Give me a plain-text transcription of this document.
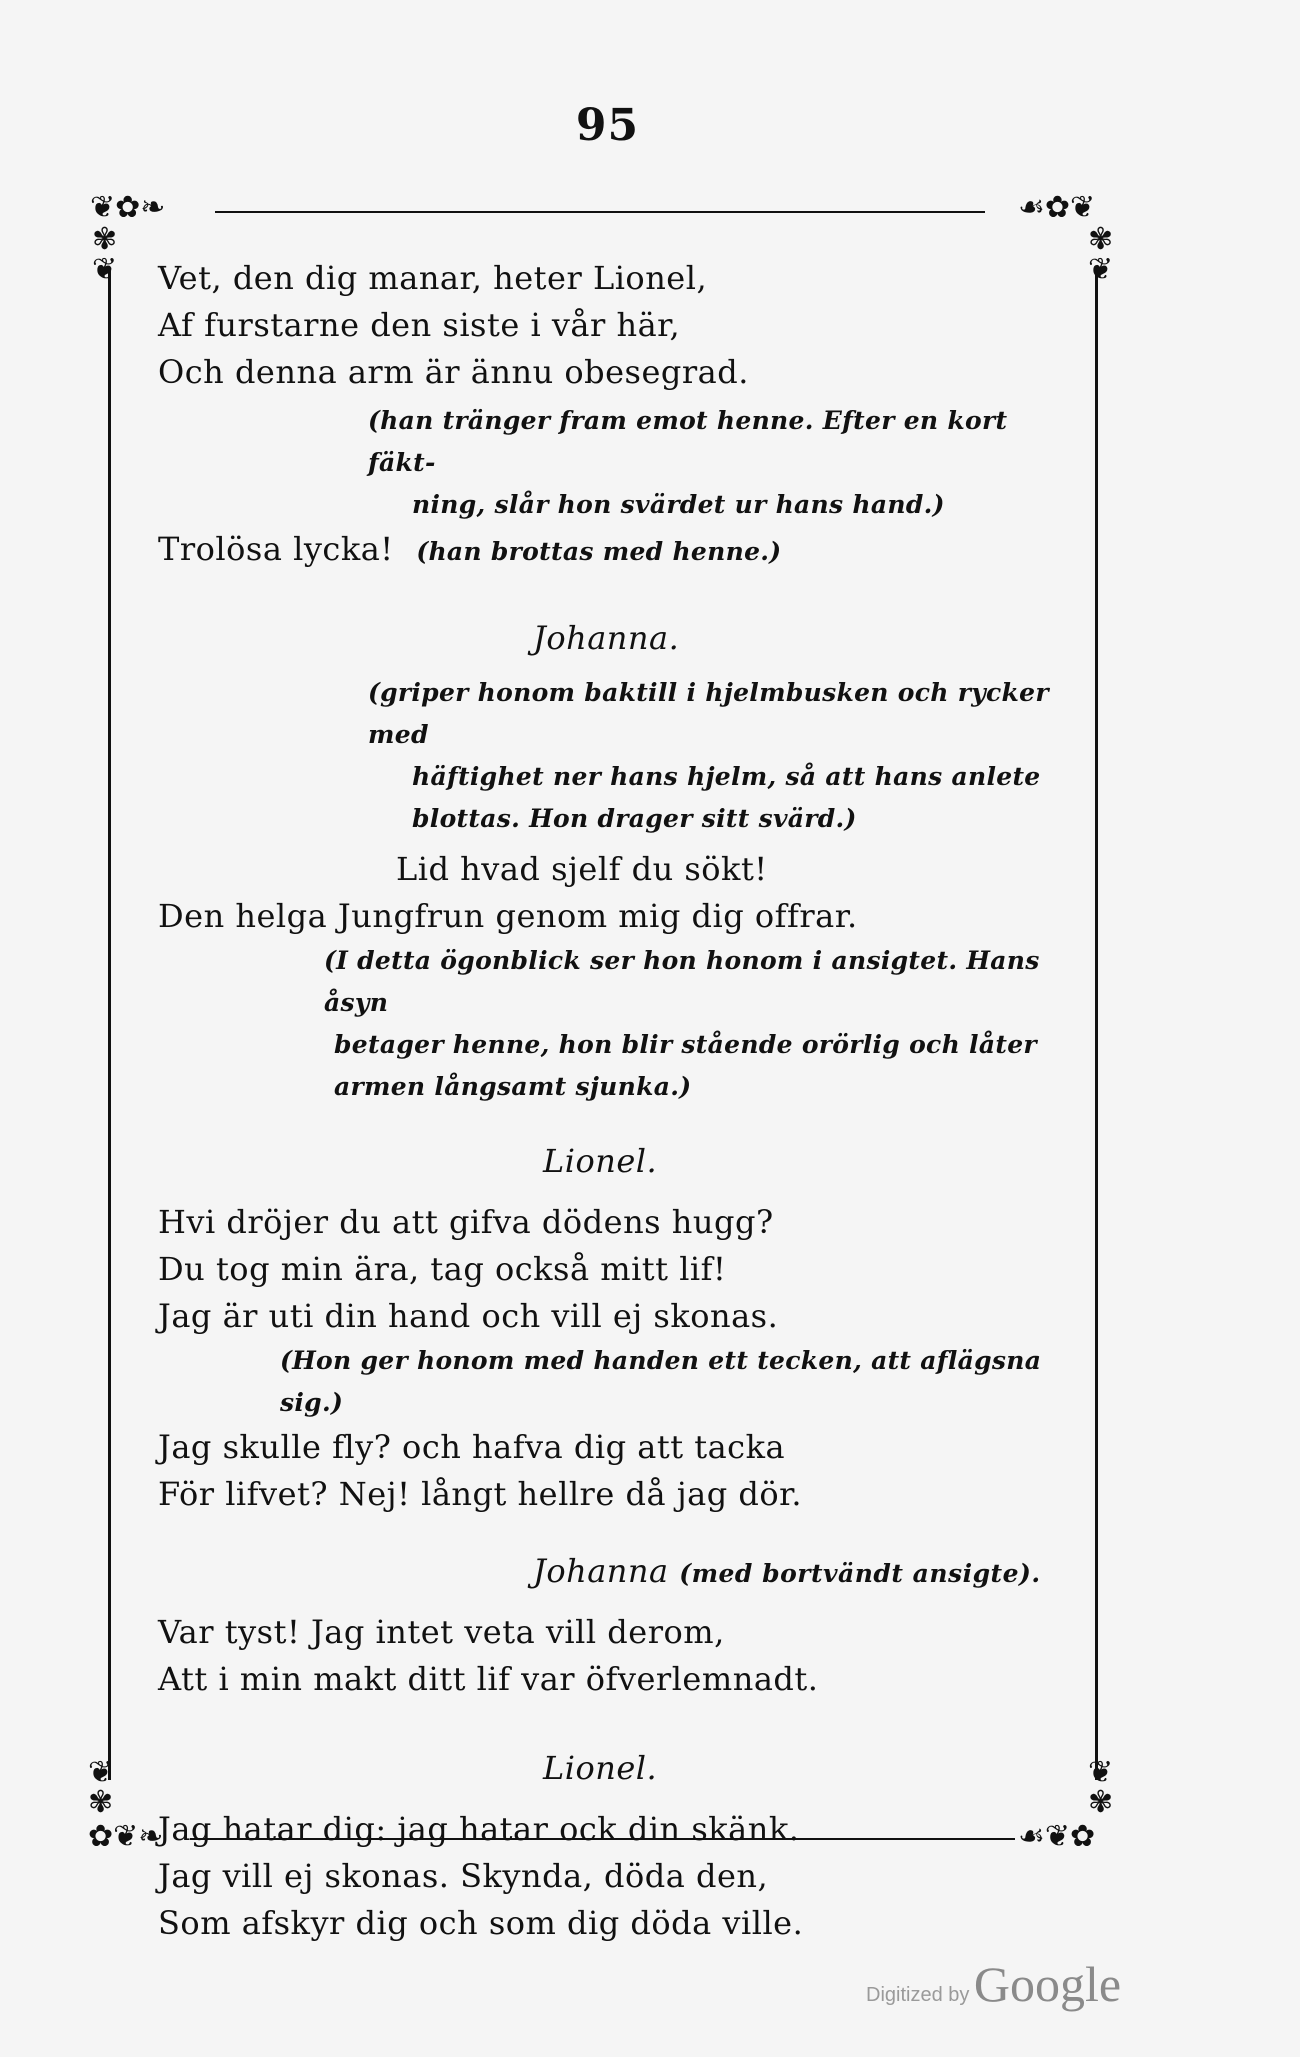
95
❦✿❧	☙✿❦
✾
❦
✾
❦
❦
✾
❦
✾
✿❦❧	☙❦✿

Vet, den dig manar, heter Lionel,

Af furstarne den siste i vår här,

Och denna arm är ännu obesegrad.

(han tränger fram emot henne. Efter en kort fäkt-
ning, slår hon svärdet ur hans hand.)

Trolösa lycka! (han brottas med henne.)

Johanna.

(griper honom baktill i hjelmbusken och rycker med
häftighet ner hans hjelm, så att hans anlete
blottas. Hon drager sitt svärd.)

Lid hvad sjelf du sökt!

Den helga Jungfrun genom mig dig offrar.

(I detta ögonblick ser hon honom i ansigtet. Hans åsyn
betager henne, hon blir stående orörlig och låter
armen långsamt sjunka.)

Lionel.

Hvi dröjer du att gifva dödens hugg?

Du tog min ära, tag också mitt lif!

Jag är uti din hand och vill ej skonas.

(Hon ger honom med handen ett tecken, att aflägsna sig.)

Jag skulle fly? och hafva dig att tacka

För lifvet? Nej! långt hellre då jag dör.

Johanna (med bortvändt ansigte).

Var tyst! Jag intet veta vill derom,

Att i min makt ditt lif var öfverlemnadt.

Lionel.

Jag hatar dig: jag hatar ock din skänk.

Jag vill ej skonas. Skynda, döda den,

Som afskyr dig och som dig döda ville.

Digitized by Google
